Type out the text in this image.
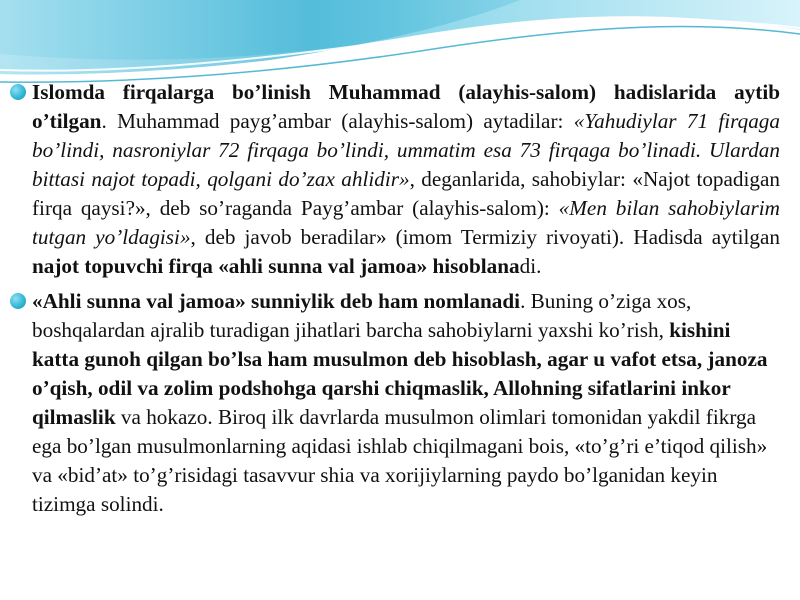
Islomda firqalarga bo’linish Muhammad (alayhis-salom) hadislarida aytib o’tilgan. Muhammad payg’ambar (alayhis-salom) aytadilar: «Yahudiylar 71 firqaga bo’lindi, nasroniylar 72 firqaga bo’lindi, ummatim esa 73 firqaga bo’linadi. Ulardan bittasi najot topadi, qolgani do’zax ahlidir», deganlarida, sahobiylar: «Najot topadigan firqa qaysi?», deb so’raganda Payg’ambar (alayhis-salom): «Men bilan sahobiylarim tutgan yo’ldagisi», deb javob beradilar» (imom Termiziy rivoyati). Hadisda aytilgan najot topuvchi firqa «ahli sunna val jamoa» hisoblanadi.
«Ahli sunna val jamoa» sunniylik deb ham nomlanadi. Buning o’ziga xos, boshqalardan ajralib turadigan jihatlari barcha sahobiylarni yaxshi ko’rish, kishini katta gunoh qilgan bo’lsa ham musulmon deb hisoblash, agar u vafot etsa, janoza o’qish, odil va zolim podshohga qarshi chiqmaslik, Allohning sifatlarini inkor qilmaslik va hokazo. Biroq ilk davrlarda musulmon olimlari tomonidan yakdil fikrga ega bo’lgan musulmonlarning aqidasi ishlab chiqilmagani bois, «to’g’ri e’tiqod qilish» va «bid’at» to’g’risidagi tasavvur shia va xorijiylarning paydo bo’lganidan keyin tizimga solindi.
